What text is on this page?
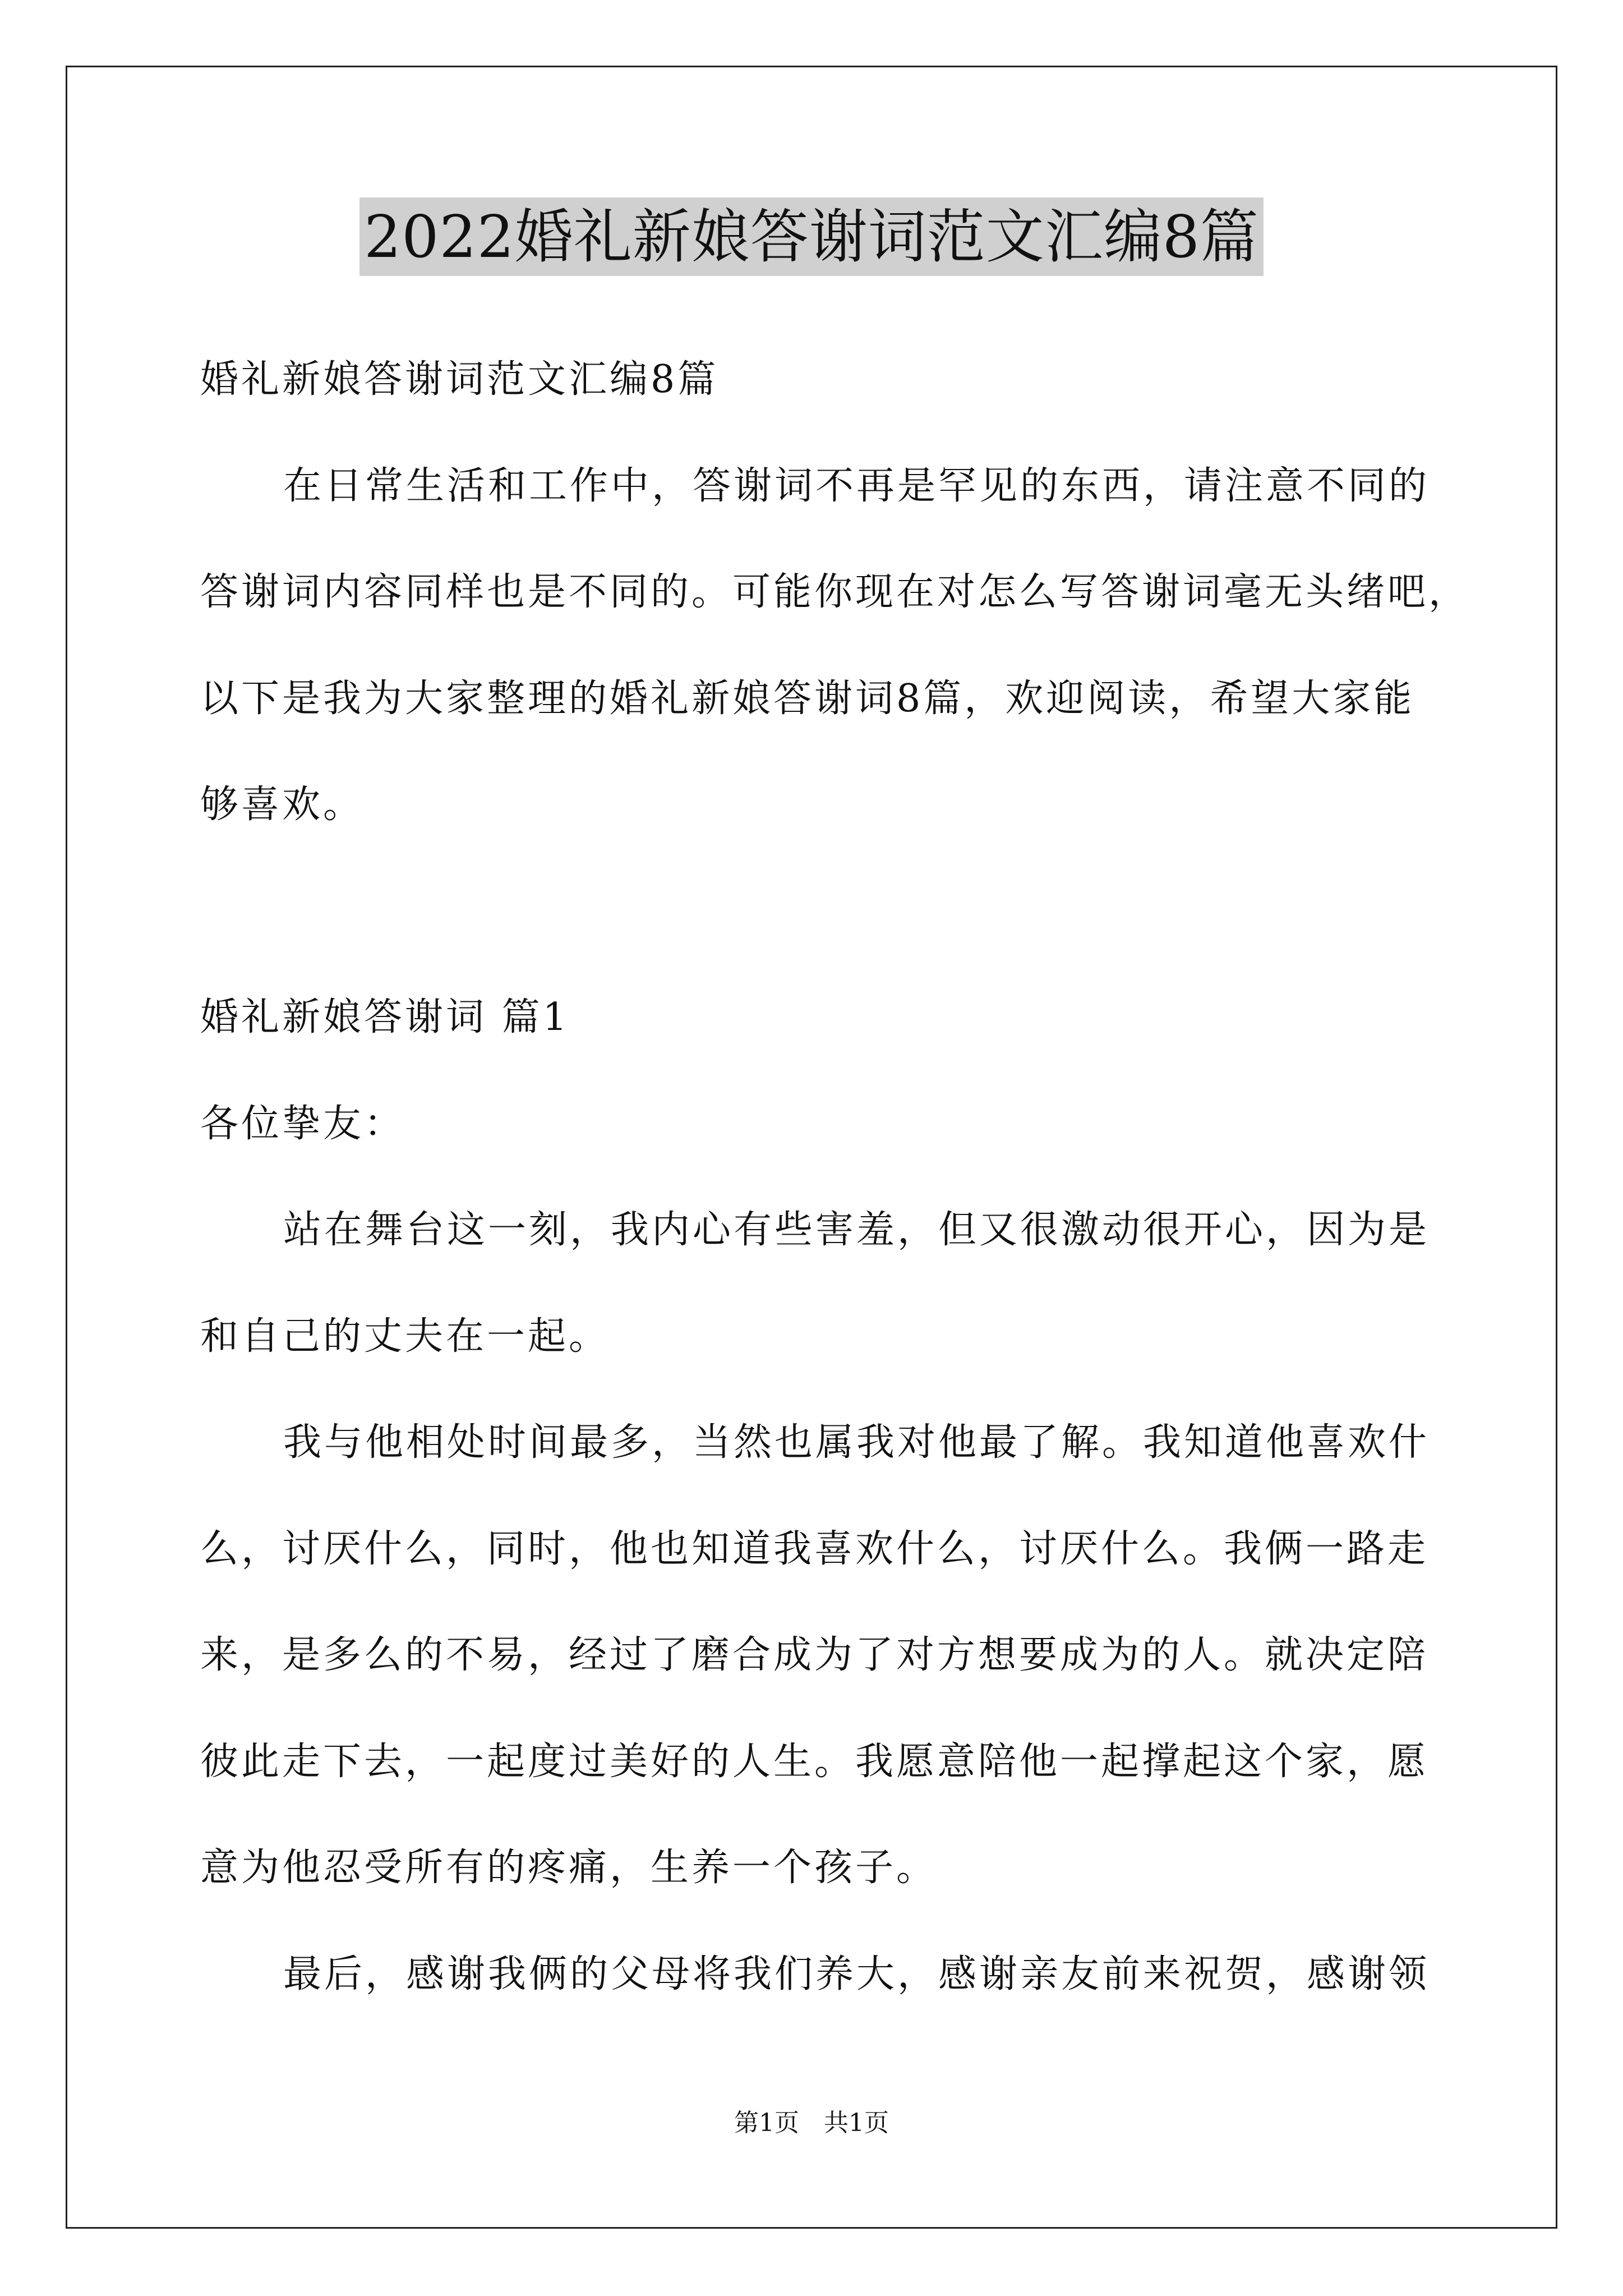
2022婚礼新娘答谢词范文汇编8篇
婚礼新娘答谢词范文汇编8篇
在日常生活和工作中，答谢词不再是罕见的东西，请注意不同的
答谢词内容同样也是不同的。可能你现在对怎么写答谢词毫无头绪吧，
以下是我为大家整理的婚礼新娘答谢词8篇，欢迎阅读，希望大家能
够喜欢。
婚礼新娘答谢词 篇1
各位挚友：
站在舞台这一刻，我内心有些害羞，但又很激动很开心，因为是
和自己的丈夫在一起。
我与他相处时间最多，当然也属我对他最了解。我知道他喜欢什
么，讨厌什么，同时，他也知道我喜欢什么，讨厌什么。我俩一路走
来，是多么的不易，经过了磨合成为了对方想要成为的人。就决定陪
彼此走下去，一起度过美好的人生。我愿意陪他一起撑起这个家，愿
意为他忍受所有的疼痛，生养一个孩子。
最后，感谢我俩的父母将我们养大，感谢亲友前来祝贺，感谢领
第1页　共1页
